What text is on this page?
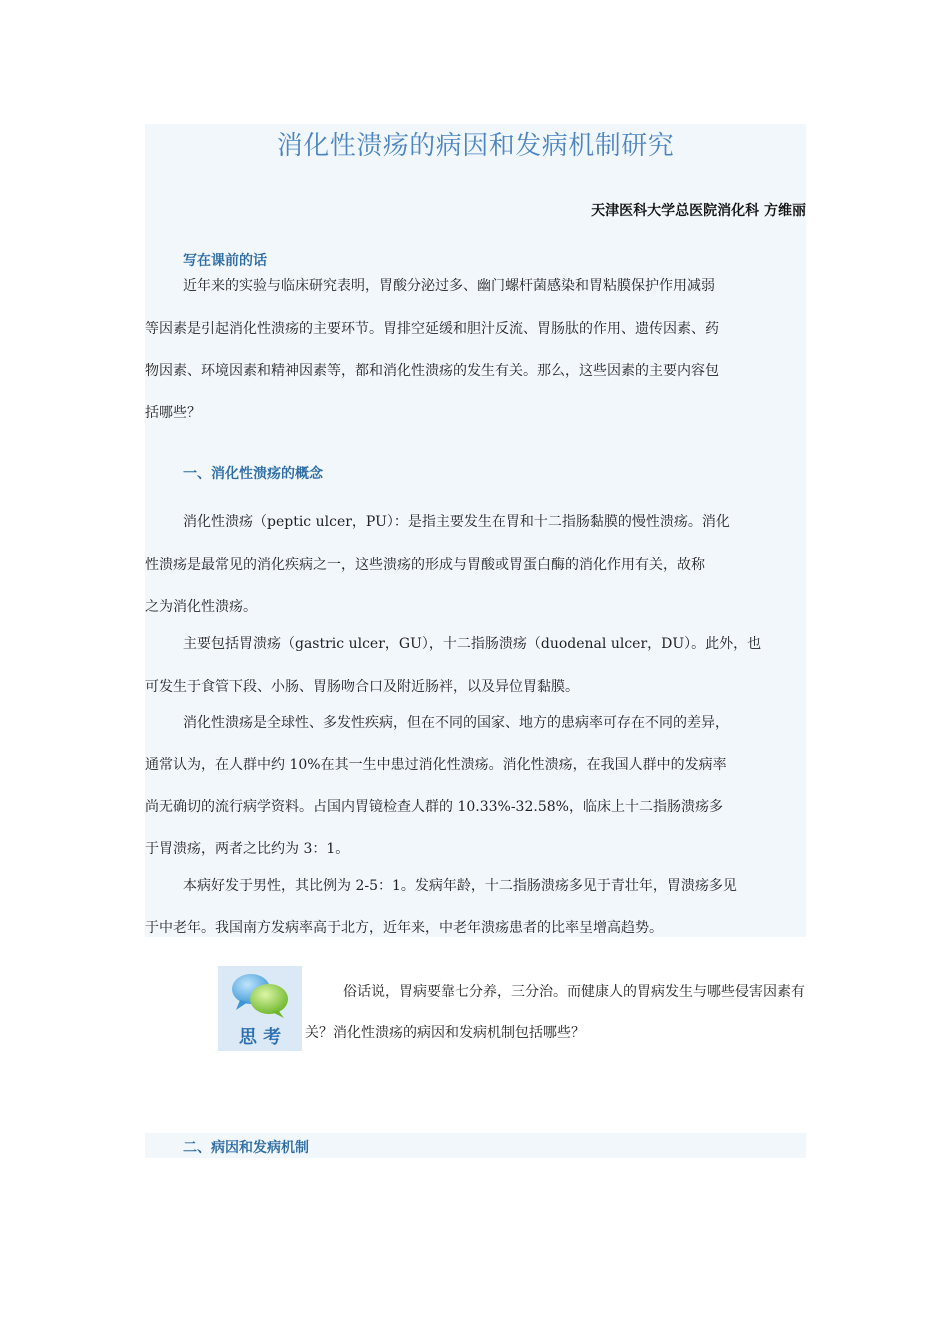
消化性溃疡的病因和发病机制研究
天津医科大学总医院消化科 方维丽
写在课前的话
近年来的实验与临床研究表明，胃酸分泌过多、幽门螺杆菌感染和胃粘膜保护作用减弱
等因素是引起消化性溃疡的主要环节。胃排空延缓和胆汁反流、胃肠肽的作用、遗传因素、药
物因素、环境因素和精神因素等，都和消化性溃疡的发生有关。那么，这些因素的主要内容包
括哪些？
一、消化性溃疡的概念
消化性溃疡（peptic ulcer，PU）：是指主要发生在胃和十二指肠黏膜的慢性溃疡。消化
性溃疡是最常见的消化疾病之一，这些溃疡的形成与胃酸或胃蛋白酶的消化作用有关，故称
之为消化性溃疡。
主要包括胃溃疡（gastric ulcer，GU），十二指肠溃疡（duodenal ulcer，DU）。此外，也
可发生于食管下段、小肠、胃肠吻合口及附近肠袢，以及异位胃黏膜。
消化性溃疡是全球性、多发性疾病，但在不同的国家、地方的患病率可存在不同的差异，
通常认为，在人群中约 10%在其一生中患过消化性溃疡。消化性溃疡，在我国人群中的发病率
尚无确切的流行病学资料。占国内胃镜检查人群的 10.33%-32.58%，临床上十二指肠溃疡多
于胃溃疡，两者之比约为 3：1。
本病好发于男性，其比例为 2-5：1。发病年龄，十二指肠溃疡多见于青壮年，胃溃疡多见
于中老年。我国南方发病率高于北方，近年来，中老年溃疡患者的比率呈增高趋势。
思 考
俗话说，胃病要靠七分养，三分治。而健康人的胃病发生与哪些侵害因素有
关？消化性溃疡的病因和发病机制包括哪些？
二、病因和发病机制
